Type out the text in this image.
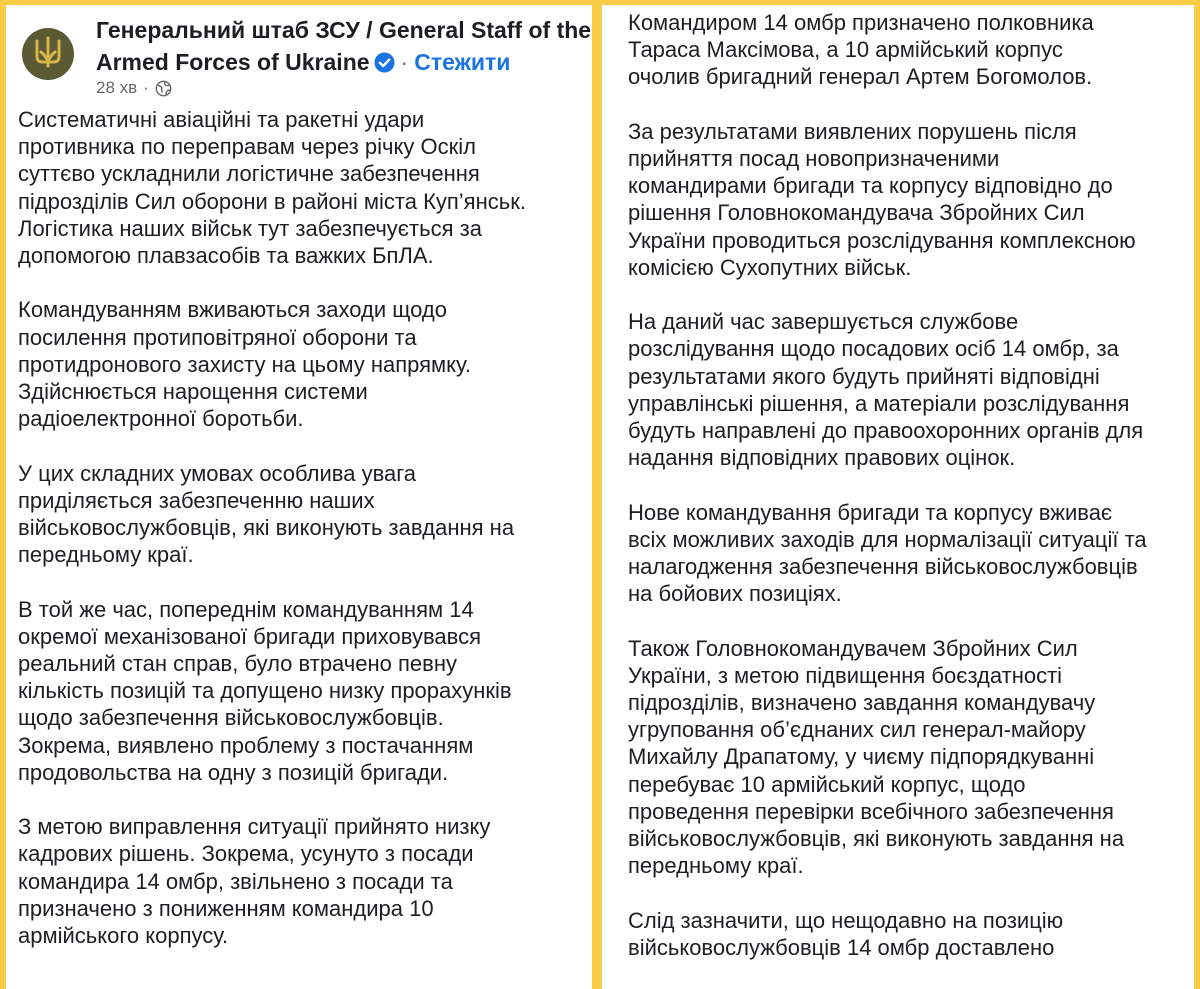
Генеральний штаб ЗСУ / General Staff of the Armed Forces of Ukraine · Стежити
28 хв ·

Систематичні авіаційні та ракетні удари
противника по переправам через річку Оскіл
суттєво ускладнили логістичне забезпечення
підрозділів Сил оборони в районі міста Куп’янськ.
Логістика наших військ тут забезпечується за
допомогою плавзасобів та важких БпЛА.

Командуванням вживаються заходи щодо
посилення протиповітряної оборони та
протидронового захисту на цьому напрямку.
Здійснюється нарощення системи
радіоелектронної боротьби.

У цих складних умовах особлива увага
приділяється забезпеченню наших
військовослужбовців, які виконують завдання на
передньому краї.

В той же час, попереднім командуванням 14
окремої механізованої бригади приховувався
реальний стан справ, було втрачено певну
кількість позицій та допущено низку прорахунків
щодо забезпечення військовослужбовців.
Зокрема, виявлено проблему з постачанням
продовольства на одну з позицій бригади.

З метою виправлення ситуації прийнято низку
кадрових рішень. Зокрема, усунуто з посади
командира 14 омбр, звільнено з посади та
призначено з пониженням командира 10
армійського корпусу.

Командиром 14 омбр призначено полковника
Тараса Максімова, а 10 армійський корпус
очолив бригадний генерал Артем Богомолов.

За результатами виявлених порушень після
прийняття посад новопризначеними
командирами бригади та корпусу відповідно до
рішення Головнокомандувача Збройних Сил
України проводиться розслідування комплексною
комісією Сухопутних військ.

На даний час завершується службове
розслідування щодо посадових осіб 14 омбр, за
результатами якого будуть прийняті відповідні
управлінські рішення, а матеріали розслідування
будуть направлені до правоохоронних органів для
надання відповідних правових оцінок.

Нове командування бригади та корпусу вживає
всіх можливих заходів для нормалізації ситуації та
налагодження забезпечення військовослужбовців
на бойових позиціях.

Також Головнокомандувачем Збройних Сил
України, з метою підвищення боєздатності
підрозділів, визначено завдання командувачу
угруповання об’єднаних сил генерал-майору
Михайлу Драпатому, у чиєму підпорядкуванні
перебуває 10 армійський корпус, щодо
проведення перевірки всебічного забезпечення
військовослужбовців, які виконують завдання на
передньому краї.

Слід зазначити, що нещодавно на позицію
військовослужбовців 14 омбр доставлено
